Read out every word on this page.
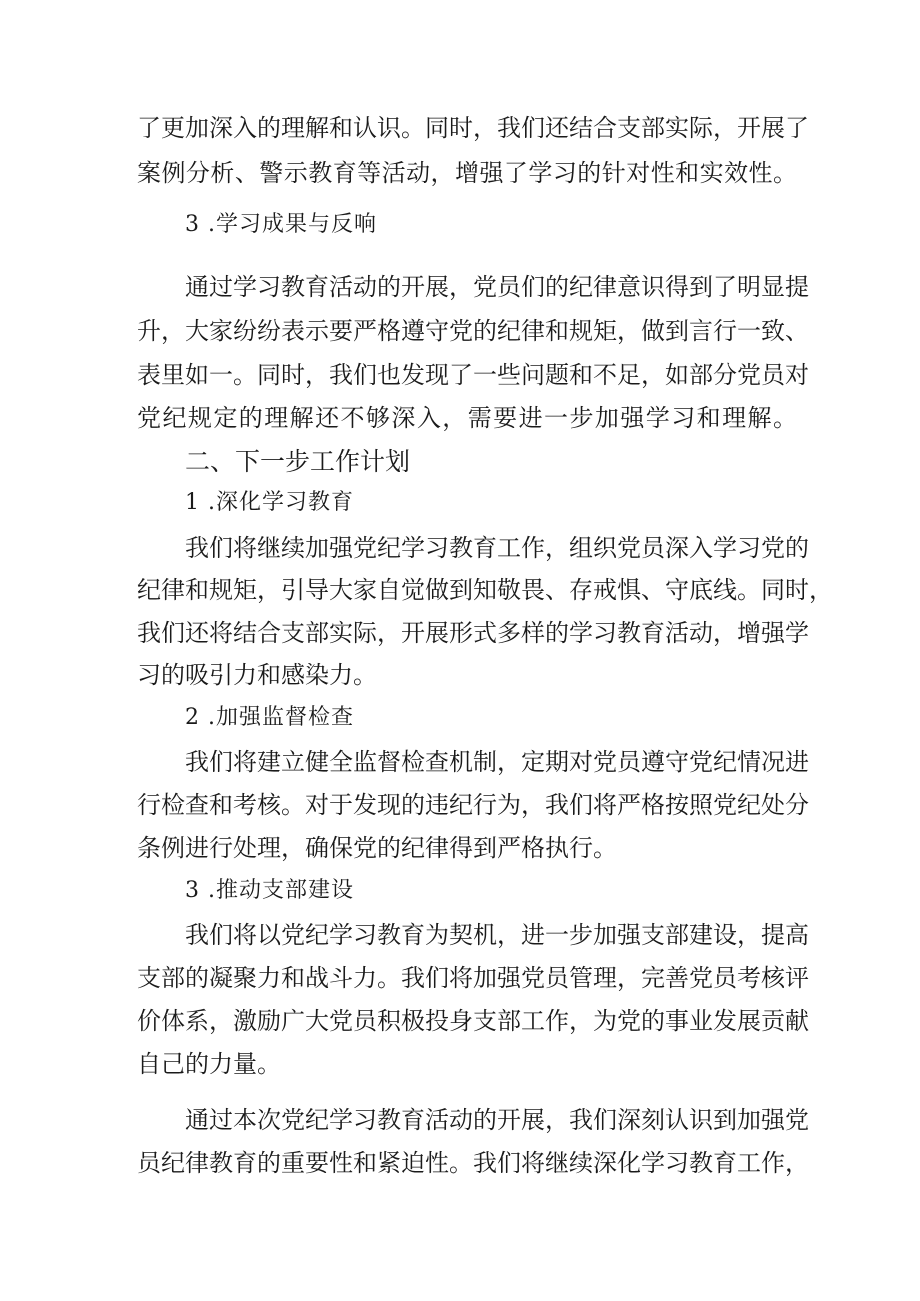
了更加深入的理解和认识。同时，我们还结合支部实际，开展了
案例分析、警示教育等活动，增强了学习的针对性和实效性。
3 .学习成果与反响
通过学习教育活动的开展，党员们的纪律意识得到了明显提
升，大家纷纷表示要严格遵守党的纪律和规矩，做到言行一致、
表里如一。同时，我们也发现了一些问题和不足，如部分党员对
党纪规定的理解还不够深入，需要进一步加强学习和理解。
二、下一步工作计划
1 .深化学习教育
我们将继续加强党纪学习教育工作，组织党员深入学习党的
纪律和规矩，引导大家自觉做到知敬畏、存戒惧、守底线。同时，
我们还将结合支部实际，开展形式多样的学习教育活动，增强学
习的吸引力和感染力。
2 .加强监督检查
我们将建立健全监督检查机制，定期对党员遵守党纪情况进
行检查和考核。对于发现的违纪行为，我们将严格按照党纪处分
条例进行处理，确保党的纪律得到严格执行。
3 .推动支部建设
我们将以党纪学习教育为契机，进一步加强支部建设，提高
支部的凝聚力和战斗力。我们将加强党员管理，完善党员考核评
价体系，激励广大党员积极投身支部工作，为党的事业发展贡献
自己的力量。
通过本次党纪学习教育活动的开展，我们深刻认识到加强党
员纪律教育的重要性和紧迫性。我们将继续深化学习教育工作，
